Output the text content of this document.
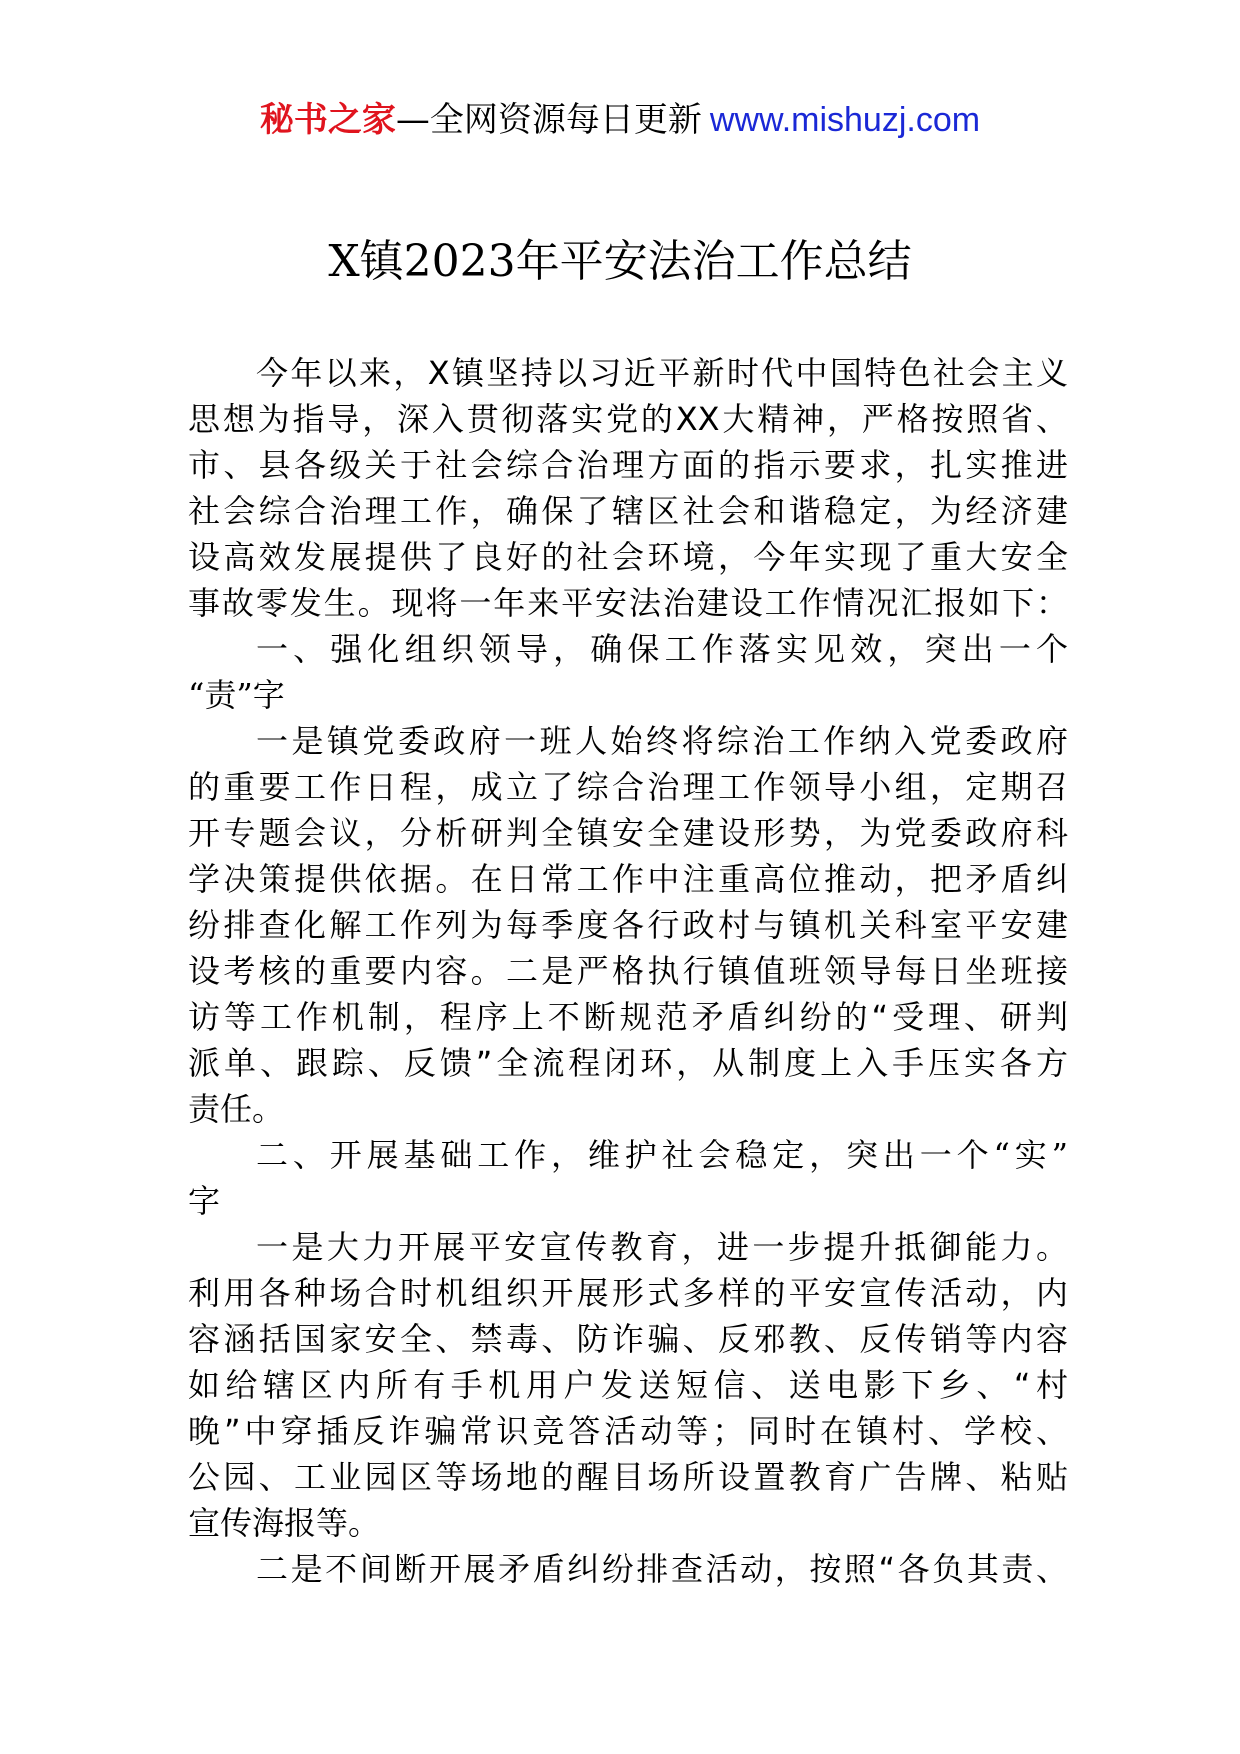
秘书之家—全网资源每日更新 www.mishuzj.com
X镇2023年平安法治工作总结
今年以来，X镇坚持以习近平新时代中国特色社会主义
思想为指导，深入贯彻落实党的XX大精神，严格按照省、
市、县各级关于社会综合治理方面的指示要求，扎实推进
社会综合治理工作，确保了辖区社会和谐稳定，为经济建
设高效发展提供了良好的社会环境，今年实现了重大安全
事故零发生。现将一年来平安法治建设工作情况汇报如下：
一、强化组织领导，确保工作落实见效，突出一个
“责”字
一是镇党委政府一班人始终将综治工作纳入党委政府
的重要工作日程，成立了综合治理工作领导小组，定期召
开专题会议，分析研判全镇安全建设形势，为党委政府科
学决策提供依据。在日常工作中注重高位推动，把矛盾纠
纷排查化解工作列为每季度各行政村与镇机关科室平安建
设考核的重要内容。二是严格执行镇值班领导每日坐班接
访等工作机制，程序上不断规范矛盾纠纷的“受理、研判
派单、跟踪、反馈”全流程闭环，从制度上入手压实各方
责任。
二、开展基础工作，维护社会稳定，突出一个“实”
字
一是大力开展平安宣传教育，进一步提升抵御能力。
利用各种场合时机组织开展形式多样的平安宣传活动，内
容涵括国家安全、禁毒、防诈骗、反邪教、反传销等内容
如给辖区内所有手机用户发送短信、送电影下乡、“村
晚”中穿插反诈骗常识竞答活动等；同时在镇村、学校、
公园、工业园区等场地的醒目场所设置教育广告牌、粘贴
宣传海报等。
二是不间断开展矛盾纠纷排查活动，按照“各负其责、
